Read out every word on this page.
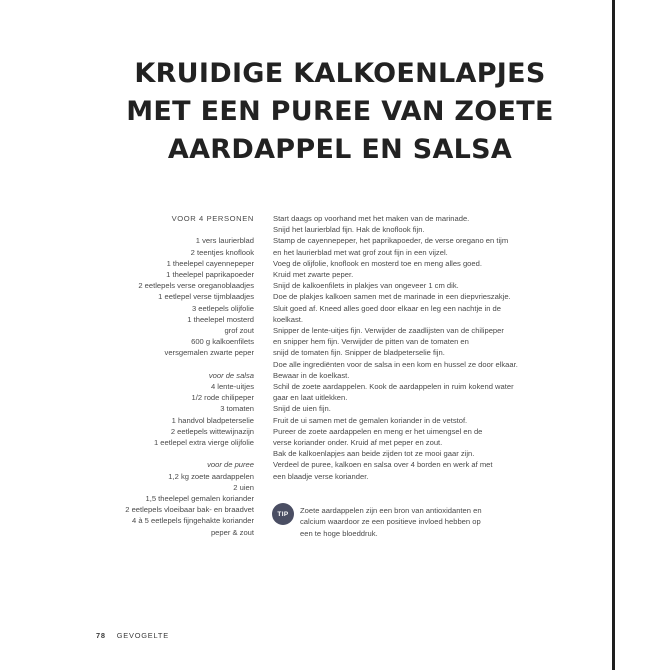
KRUIDIGE KALKOENLAPJES
MET EEN PUREE VAN ZOETE
AARDAPPEL EN SALSA
VOOR 4 PERSONEN

1 vers laurierblad
2 teentjes knoflook
1 theelepel cayennepeper
1 theelepel paprikapoeder
2 eetlepels verse oreganoblaadjes
1 eetlepel verse tijmblaadjes
3 eetlepels olijfolie
1 theelepel mosterd
grof zout
600 g kalkoenfilets
versgemalen zwarte peper

voor de salsa
4 lente-uitjes
1/2 rode chilipeper
3 tomaten
1 handvol bladpeterselie
2 eetlepels wittewijnazijn
1 eetlepel extra vierge olijfolie

voor de puree
1,2 kg zoete aardappelen
2 uien
1,5 theelepel gemalen koriander
2 eetlepels vloeibaar bak- en braadvet
4 à 5 eetlepels fijngehakte koriander
peper & zout
Start daags op voorhand met het maken van de marinade.
Snijd het laurierblad fijn. Hak de knoflook fijn.
Stamp de cayennepeper, het paprikapoeder, de verse oregano en tijm
en het laurierblad met wat grof zout fijn in een vijzel.
Voeg de olijfolie, knoflook en mosterd toe en meng alles goed.
Kruid met zwarte peper.
Snijd de kalkoenfilets in plakjes van ongeveer 1 cm dik.
Doe de plakjes kalkoen samen met de marinade in een diepvrieszakje.
Sluit goed af. Kneed alles goed door elkaar en leg een nachtje in de
koelkast.
Snipper de lente-uitjes fijn. Verwijder de zaadlijsten van de chilipeper
en snipper hem fijn. Verwijder de pitten van de tomaten en
snijd de tomaten fijn. Snipper de bladpeterselie fijn.
Doe alle ingrediënten voor de salsa in een kom en hussel ze door elkaar.
Bewaar in de koelkast.
Schil de zoete aardappelen. Kook de aardappelen in ruim kokend water
gaar en laat uitlekken.
Snijd de uien fijn.
Fruit de ui samen met de gemalen koriander in de vetstof.
Pureer de zoete aardappelen en meng er het uimengsel en de
verse koriander onder. Kruid af met peper en zout.
Bak de kalkoenlapjes aan beide zijden tot ze mooi gaar zijn.
Verdeel de puree, kalkoen en salsa over 4 borden en werk af met
een blaadje verse koriander.
TIP	Zoete aardappelen zijn een bron van antioxidanten en
calcium waardoor ze een positieve invloed hebben op
een te hoge bloeddruk.
78 GEVOGELTE
